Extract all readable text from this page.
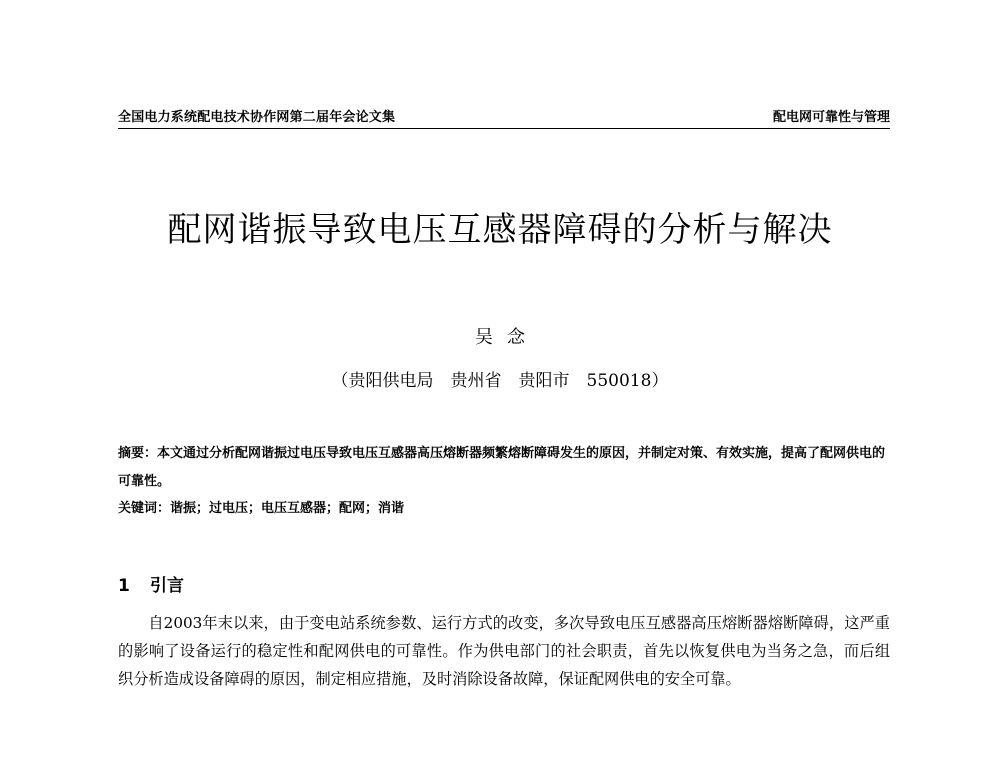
全国电力系统配电技术协作网第二届年会论文集	配电网可靠性与管理
配网谐振导致电压互感器障碍的分析与解决
吴念
（贵阳供电局　贵州省　贵阳市　550018）
摘要：本文通过分析配网谐振过电压导致电压互感器高压熔断器频繁熔断障碍发生的原因，并制定对策、有效实施，提高了配网供电的可靠性。
关键词：谐振；过电压；电压互感器；配网；消谐
1 引言

自2003年末以来，由于变电站系统参数、运行方式的改变，多次导致电压互感器高压熔断器熔断障碍，这严重的影响了设备运行的稳定性和配网供电的可靠性。作为供电部门的社会职责，首先以恢复供电为当务之急，而后组织分析造成设备障碍的原因，制定相应措施，及时消除设备故障，保证配网供电的安全可靠。
